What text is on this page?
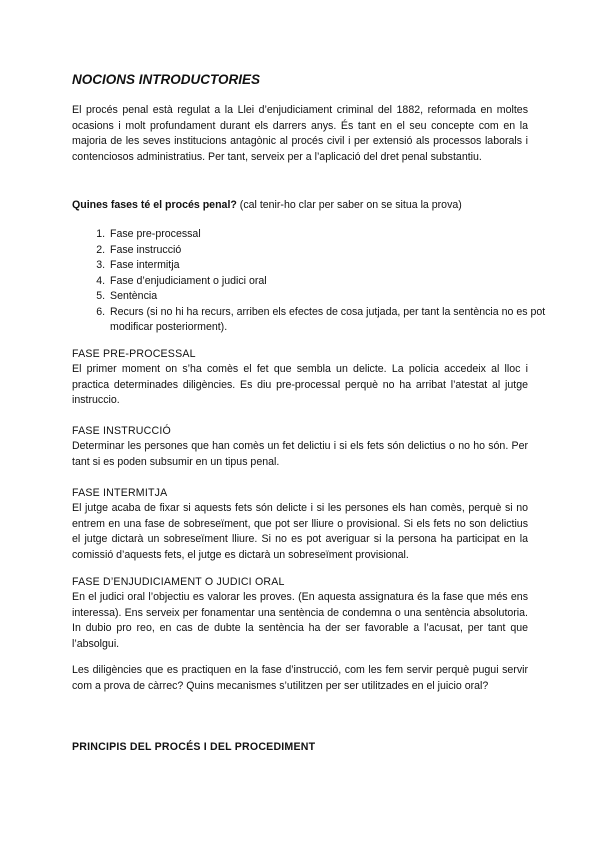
NOCIONS INTRODUCTORIES

El procés penal està regulat a la Llei d’enjudiciament criminal del 1882, reformada en moltes ocasions i molt profundament durant els darrers anys. És tant en el seu concepte com en la majoria de les seves institucions antagònic al procés civil i per extensió als processos laborals i contenciosos administratius. Per tant, serveix per a l’aplicació del dret penal substantiu.

Quines fases té el procés penal? (cal tenir-ho clar per saber on se situa la prova)

1. Fase pre-processal
2. Fase instrucció
3. Fase intermitja
4. Fase d’enjudiciament o judici oral
5. Sentència
6. Recurs (si no hi ha recurs, arriben els efectes de cosa jutjada, per tant la sentència no es pot modificar posteriorment).
FASE PRE-PROCESSAL

El primer moment on s’ha comès el fet que sembla un delicte. La policia accedeix al lloc i practica determinades diligències. Es diu pre-processal perquè no ha arribat l’atestat al jutge instruccio.

FASE INSTRUCCIÓ

Determinar les persones que han comès un fet delictiu i si els fets són delictius o no ho són. Per tant si es poden subsumir en un tipus penal.

FASE INTERMITJA

El jutge acaba de fixar si aquests fets són delicte i si les persones els han comès, perquè si no entrem en una fase de sobreseïment, que pot ser lliure o provisional. Si els fets no son delictius el jutge dictarà un sobreseïment lliure. Si no es pot averiguar si la persona ha participat en la comissió d’aquests fets, el jutge es dictarà un sobreseïment provisional.

FASE D’ENJUDICIAMENT O JUDICI ORAL

En el judici oral l’objectiu es valorar les proves. (En aquesta assignatura és la fase que més ens interessa). Ens serveix per fonamentar una sentència de condemna o una sentència absolutoria. In dubio pro reo, en cas de dubte la sentència ha der ser favorable a l’acusat, per tant que l’absolgui.

Les diligències que es practiquen en la fase d’instrucció, com les fem servir perquè pugui servir com a prova de càrrec? Quins mecanismes s’utilitzen per ser utilitzades en el juicio oral?

PRINCIPIS DEL PROCÉS I DEL PROCEDIMENT
